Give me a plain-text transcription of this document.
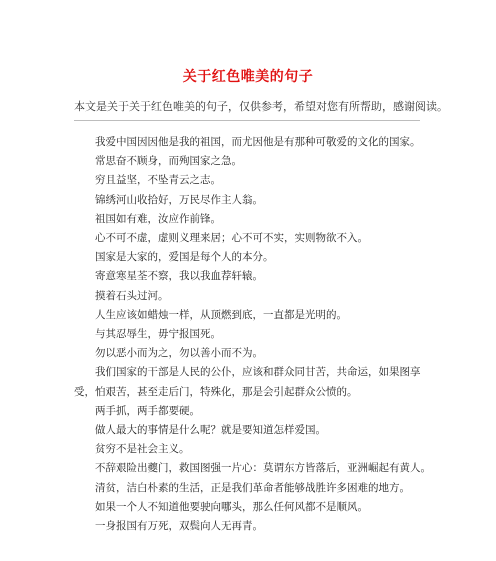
关于红色唯美的句子
本文是关于关于红色唯美的句子，仅供参考，希望对您有所帮助，感谢阅读。

我爱中国因因他是我的祖国，而尤因他是有那种可敬爱的文化的国家。

常思奋不顾身，而殉国家之急。

穷且益坚，不坠青云之志。

锦绣河山收拾好，万民尽作主人翁。

祖国如有难，汝应作前锋。

心不可不虚，虚则义理来居；心不可不实，实则物欲不入。

国家是大家的，爱国是每个人的本分。

寄意寒星荃不察，我以我血荐轩辕。

摸着石头过河。

人生应该如蜡烛一样，从顶燃到底，一直都是光明的。

与其忍辱生，毋宁报国死。

勿以恶小而为之，勿以善小而不为。

我们国家的干部是人民的公仆，应该和群众同甘苦，共命运，如果图享受，怕艰苦，甚至走后门，特殊化，那是会引起群众公愤的。

两手抓，两手都要硬。

做人最大的事情是什么呢？就是要知道怎样爱国。

贫穷不是社会主义。

不辞艰险出夔门，救国图强一片心：莫谓东方皆落后，亚洲崛起有黄人。

清贫，洁白朴素的生活，正是我们革命者能够战胜许多困难的地方。

如果一个人不知道他要驶向哪头，那么任何风都不是顺风。

一身报国有万死，双鬓向人无再青。
